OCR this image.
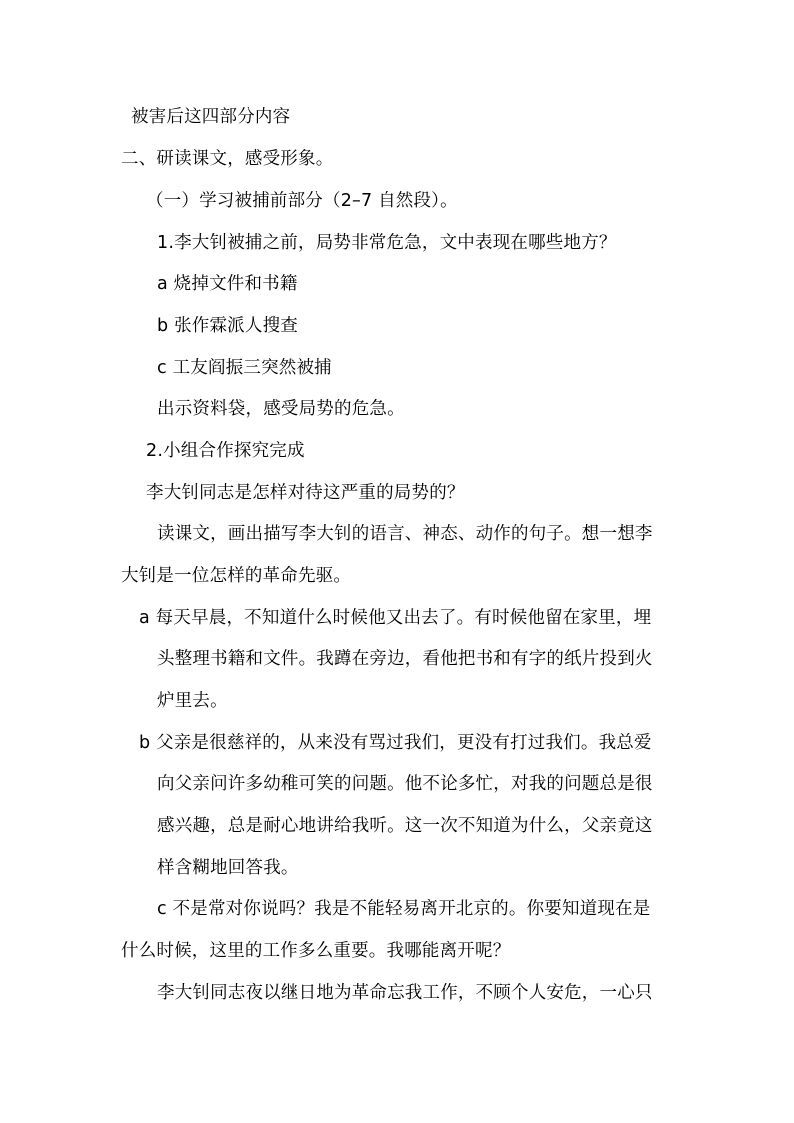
被害后这四部分内容
二、研读课文，感受形象。
（一）学习被捕前部分（2–7 自然段）。
1.李大钊被捕之前，局势非常危急，文中表现在哪些地方？
a 烧掉文件和书籍
b 张作霖派人搜查
c 工友阎振三突然被捕
出示资料袋，感受局势的危急。
2.小组合作探究完成
李大钊同志是怎样对待这严重的局势的？
读课文，画出描写李大钊的语言、神态、动作的句子。想一想李
大钊是一位怎样的革命先驱。
a 每天早晨，不知道什么时候他又出去了。有时候他留在家里，埋
头整理书籍和文件。我蹲在旁边，看他把书和有字的纸片投到火
炉里去。
b 父亲是很慈祥的，从来没有骂过我们，更没有打过我们。我总爱
向父亲问许多幼稚可笑的问题。他不论多忙，对我的问题总是很
感兴趣，总是耐心地讲给我听。这一次不知道为什么，父亲竟这
样含糊地回答我。
c 不是常对你说吗？我是不能轻易离开北京的。你要知道现在是
什么时候，这里的工作多么重要。我哪能离开呢？
李大钊同志夜以继日地为革命忘我工作，不顾个人安危，一心只
